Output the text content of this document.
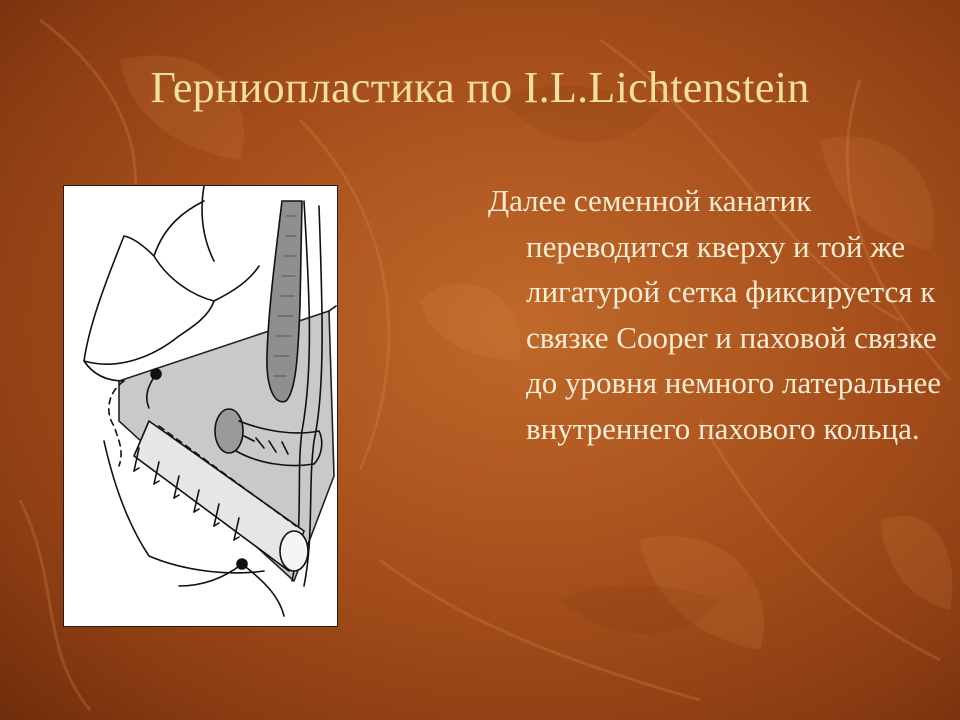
Герниопластика по I.L.Lichtenstein

Далее семенной канатик переводится кверху и той же лигатурой сетка фиксируется к связке Cooper и паховой связке до уровня немного латеральнее внутреннего пахового кольца.
